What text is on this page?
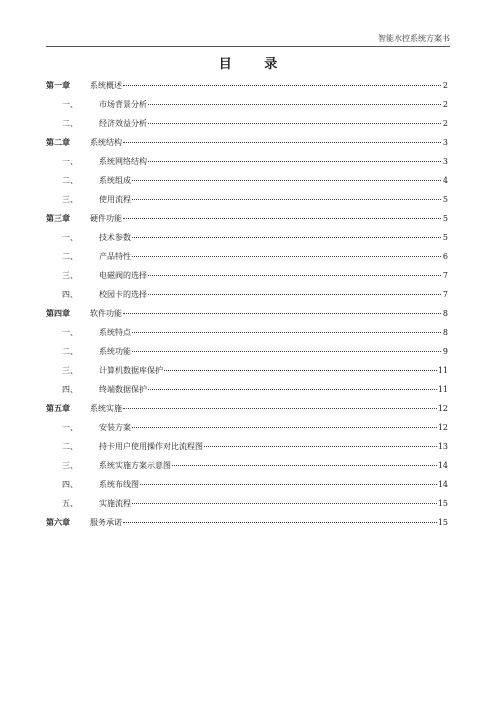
智能水控系统方案书
目 录
第一章	系统概述	2
一、	市场背景分析	2
二、	经济效益分析	2
第二章	系统结构	3
一、	系统网络结构	3
二、	系统组成	4
三、	使用流程	5
第三章	硬件功能	5
一、	技术参数	5
二、	产品特性	6
三、	电磁阀的选择	7
四、	校园卡的选择	7
第四章	软件功能	8
一、	系统特点	8
二、	系统功能	9
三、	计算机数据库保护	11
四、	终端数据保护	11
第五章	系统实施	12
一、	安装方案	12
二、	持卡用户使用操作对比流程图	13
三、	系统实施方案示意图	14
四、	系统布线图	14
五、	实施流程	15
第六章	服务承诺	15
